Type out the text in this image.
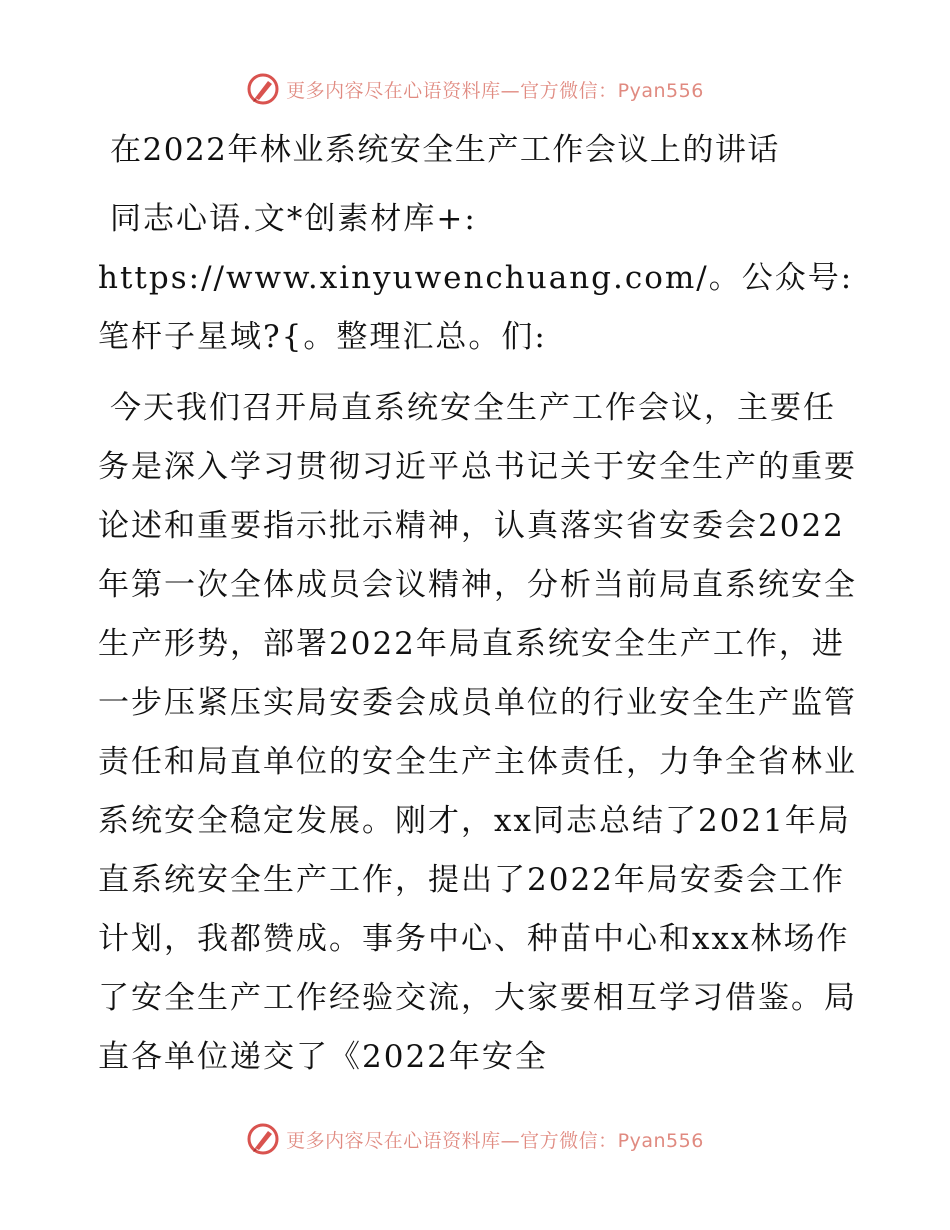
更多内容尽在心语资料库—官方微信：Pyan556
在2022年林业系统安全生产工作会议上的讲话

同志心语.文*创素材库+: https://www.xinyuwenchuang.com/。公众号: 笔杆子星域?{。整理汇总。们:

今天我们召开局直系统安全生产工作会议，主要任务是深入学习贯彻习近平总书记关于安全生产的重要论述和重要指示批示精神，认真落实省安委会2022年第一次全体成员会议精神，分析当前局直系统安全生产形势，部署2022年局直系统安全生产工作，进一步压紧压实局安委会成员单位的行业安全生产监管责任和局直单位的安全生产主体责任，力争全省林业系统安全稳定发展。刚才，xx同志总结了2021年局直系统安全生产工作，提出了2022年局安委会工作计划，我都赞成。事务中心、种苗中心和xxx林场作了安全生产工作经验交流，大家要相互学习借鉴。局直各单位递交了《2022年安全

更多内容尽在心语资料库—官方微信：Pyan556
